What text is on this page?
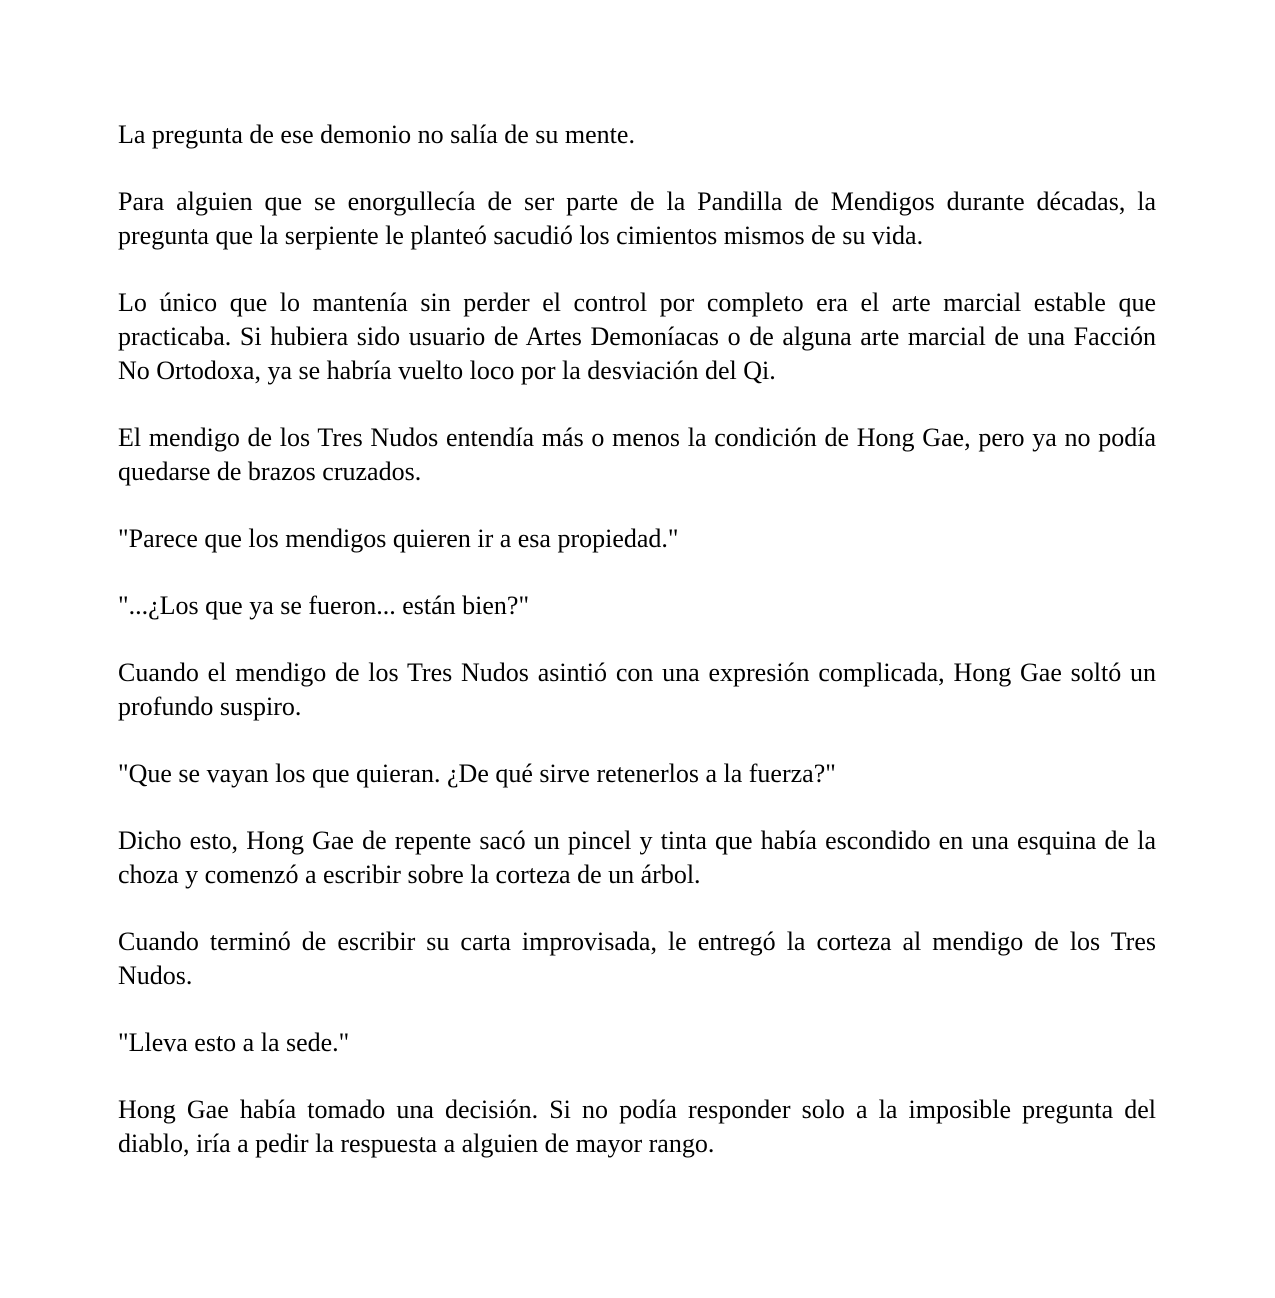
La pregunta de ese demonio no salía de su mente.

Para alguien que se enorgullecía de ser parte de la Pandilla de Mendigos durante décadas, la pregunta que la serpiente le planteó sacudió los cimientos mismos de su vida.

Lo único que lo mantenía sin perder el control por completo era el arte marcial estable que practicaba. Si hubiera sido usuario de Artes Demoníacas o de alguna arte marcial de una Facción No Ortodoxa, ya se habría vuelto loco por la desviación del Qi.

El mendigo de los Tres Nudos entendía más o menos la condición de Hong Gae, pero ya no podía quedarse de brazos cruzados.

"Parece que los mendigos quieren ir a esa propiedad."

"...¿Los que ya se fueron... están bien?"

Cuando el mendigo de los Tres Nudos asintió con una expresión complicada, Hong Gae soltó un profundo suspiro.

"Que se vayan los que quieran. ¿De qué sirve retenerlos a la fuerza?"

Dicho esto, Hong Gae de repente sacó un pincel y tinta que había escondido en una esquina de la choza y comenzó a escribir sobre la corteza de un árbol.

Cuando terminó de escribir su carta improvisada, le entregó la corteza al mendigo de los Tres Nudos.

"Lleva esto a la sede."

Hong Gae había tomado una decisión. Si no podía responder solo a la imposible pregunta del diablo, iría a pedir la respuesta a alguien de mayor rango.
